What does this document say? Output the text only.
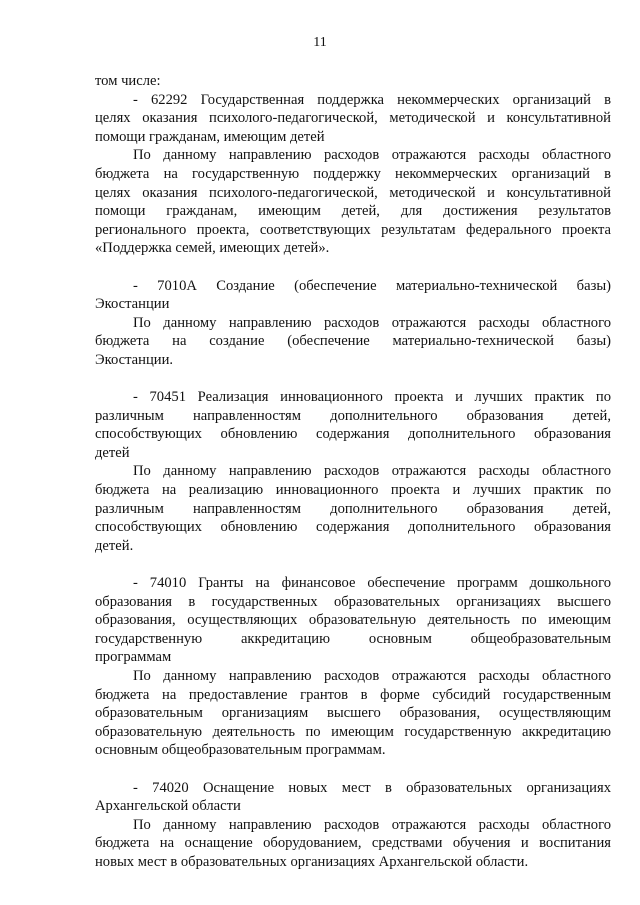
11
том числе:
- 62292 Государственная поддержка некоммерческих организаций в
целях оказания психолого-педагогической, методической и консультативной
помощи гражданам, имеющим детей
По данному направлению расходов отражаются расходы областного
бюджета на государственную поддержку некоммерческих организаций в
целях оказания психолого-педагогической, методической и консультативной
помощи гражданам, имеющим детей, для достижения результатов
регионального проекта, соответствующих результатам федерального проекта
«Поддержка семей, имеющих детей».
- 7010А Создание (обеспечение материально-технической базы)
Экостанции
По данному направлению расходов отражаются расходы областного
бюджета на создание (обеспечение материально-технической базы)
Экостанции.
- 70451 Реализация инновационного проекта и лучших практик по
различным направленностям дополнительного образования детей,
способствующих обновлению содержания дополнительного образования
детей
По данному направлению расходов отражаются расходы областного
бюджета на реализацию инновационного проекта и лучших практик по
различным направленностям дополнительного образования детей,
способствующих обновлению содержания дополнительного образования
детей.
- 74010 Гранты на финансовое обеспечение программ дошкольного
образования в государственных образовательных организациях высшего
образования, осуществляющих образовательную деятельность по имеющим
государственную аккредитацию основным общеобразовательным
программам
По данному направлению расходов отражаются расходы областного
бюджета на предоставление грантов в форме субсидий государственным
образовательным организациям высшего образования, осуществляющим
образовательную деятельность по имеющим государственную аккредитацию
основным общеобразовательным программам.
- 74020 Оснащение новых мест в образовательных организациях
Архангельской области
По данному направлению расходов отражаются расходы областного
бюджета на оснащение оборудованием, средствами обучения и воспитания
новых мест в образовательных организациях Архангельской области.
